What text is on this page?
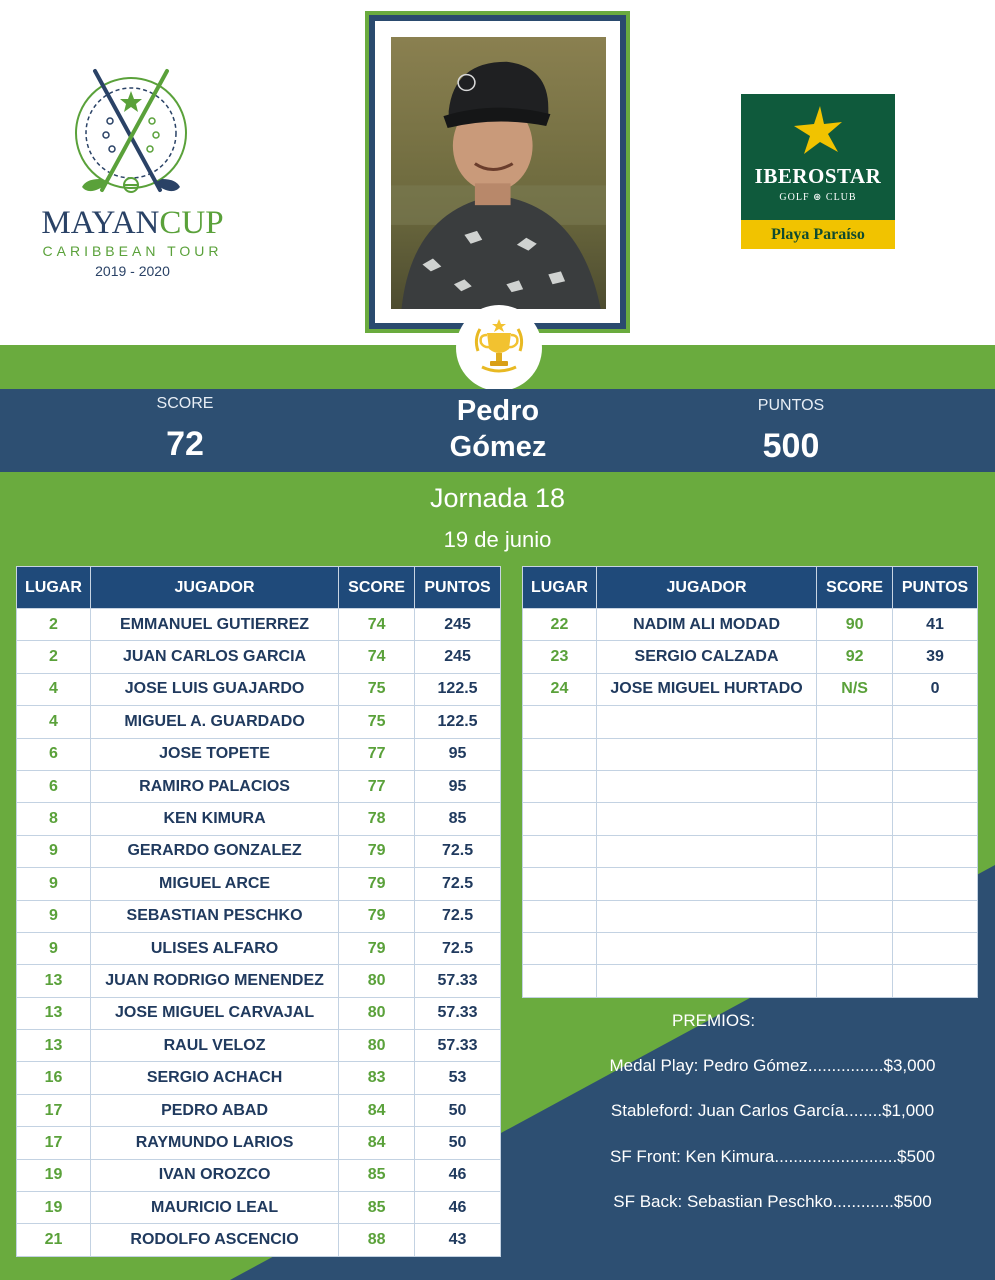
MAYANCUP
CARIBBEAN TOUR
2019 - 2020
IBEROSTAR
GOLF ⊛ CLUB
Playa Paraíso
SCORE
72
Pedro
Gómez
PUNTOS
500
Jornada 18
19 de junio
LUGAR	JUGADOR	SCORE	PUNTOS
2	EMMANUEL GUTIERREZ	74	245
2	JUAN CARLOS GARCIA	74	245
4	JOSE LUIS GUAJARDO	75	122.5
4	MIGUEL A. GUARDADO	75	122.5
6	JOSE TOPETE	77	95
6	RAMIRO PALACIOS	77	95
8	KEN KIMURA	78	85
9	GERARDO GONZALEZ	79	72.5
9	MIGUEL ARCE	79	72.5
9	SEBASTIAN PESCHKO	79	72.5
9	ULISES ALFARO	79	72.5
13	JUAN RODRIGO MENENDEZ	80	57.33
13	JOSE MIGUEL CARVAJAL	80	57.33
13	RAUL VELOZ	80	57.33
16	SERGIO ACHACH	83	53
17	PEDRO ABAD	84	50
17	RAYMUNDO LARIOS	84	50
19	IVAN OROZCO	85	46
19	MAURICIO LEAL	85	46
21	RODOLFO ASCENCIO	88	43
LUGAR	JUGADOR	SCORE	PUNTOS
22	NADIM ALI MODAD	90	41
23	SERGIO CALZADA	92	39
24	JOSE MIGUEL HURTADO	N/S	0

PREMIOS:
Medal Play: Pedro Gómez................$3,000
Stableford: Juan Carlos García........$1,000
SF Front: Ken Kimura..........................$500
SF Back: Sebastian Peschko.............$500
